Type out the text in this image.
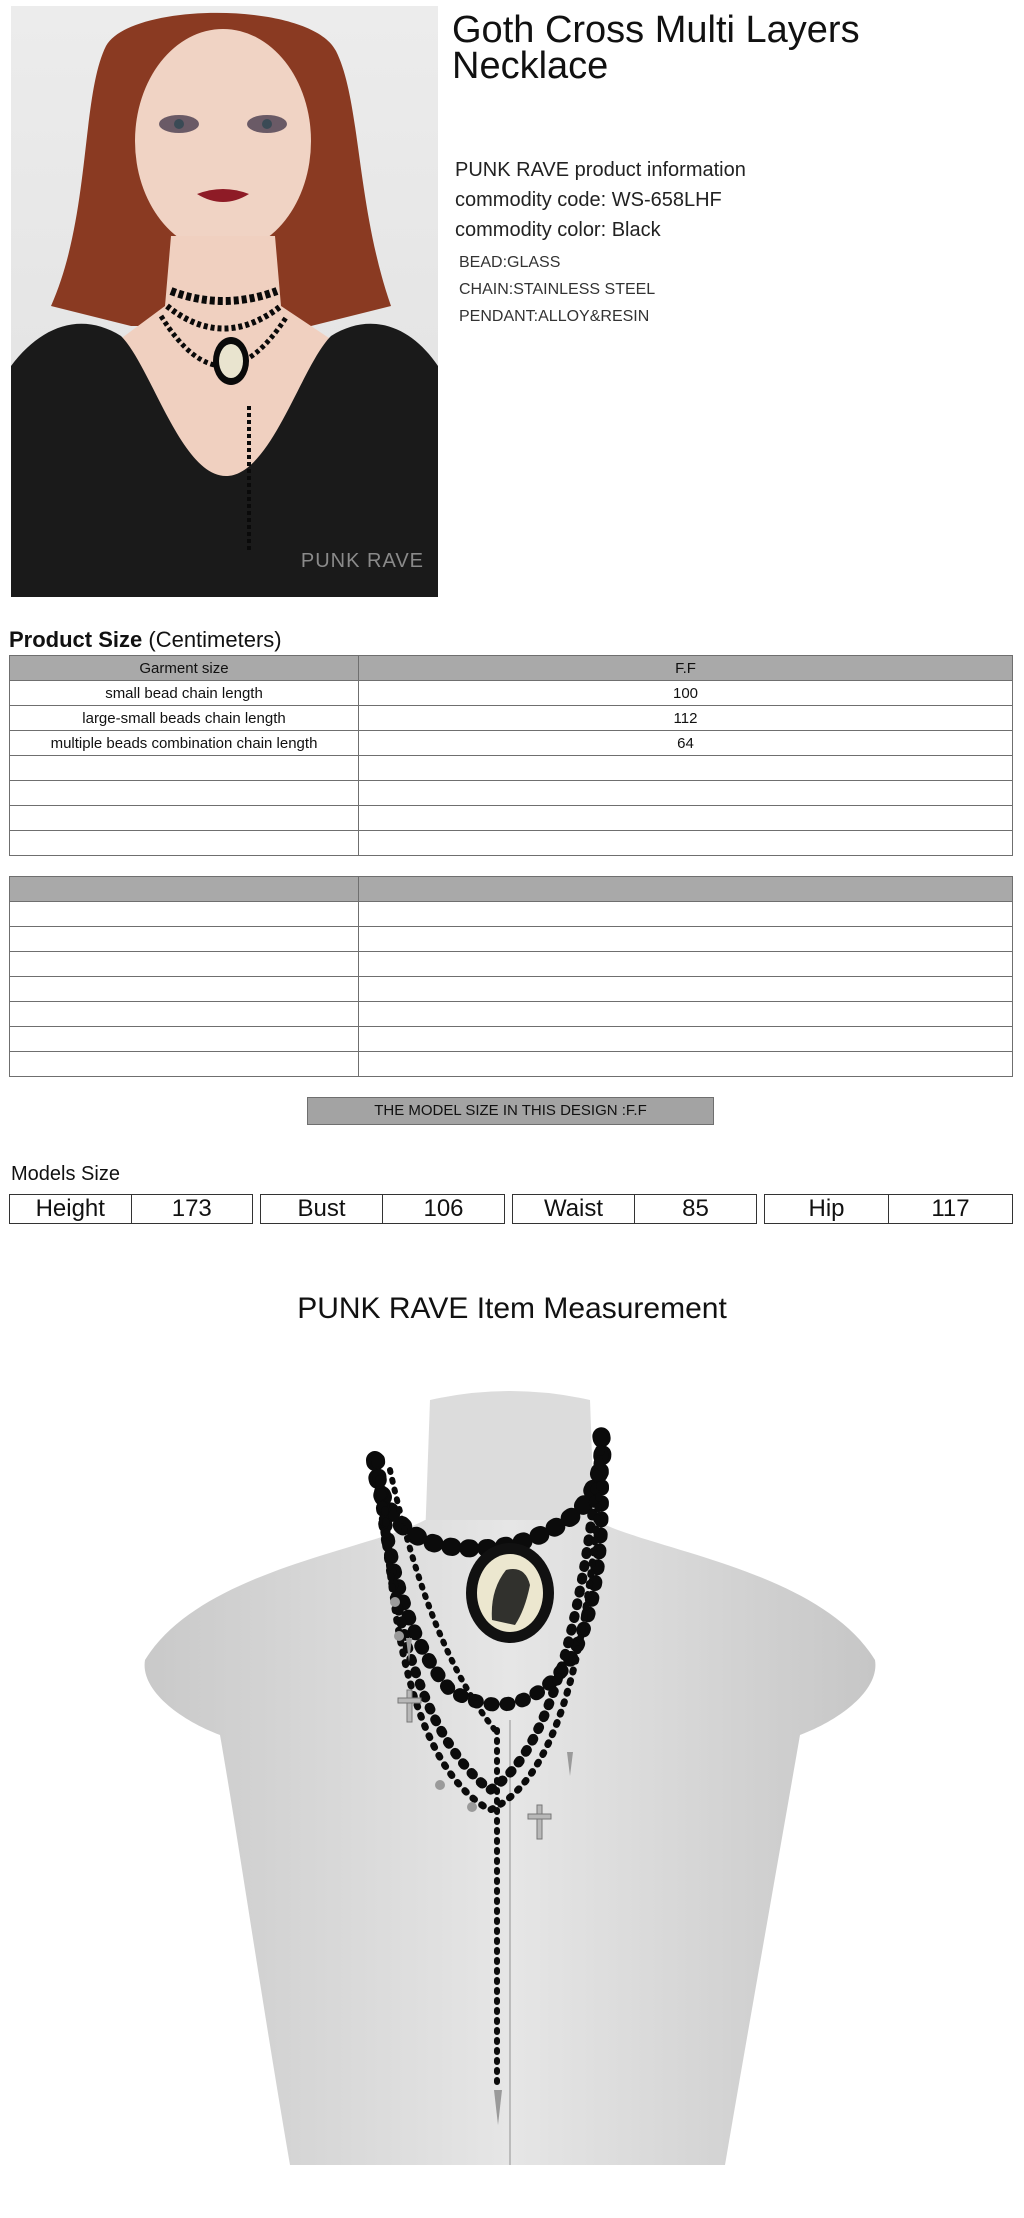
PUNK RAVE
Goth Cross Multi Layers Necklace
PUNK RAVE product information
commodity code: WS-658LHF
commodity color: Black
BEAD:GLASS
CHAIN:STAINLESS STEEL
PENDANT:ALLOY&RESIN
Product Size (Centimeters)
Garment size	F.F
small bead chain length	100
large-small beads chain length	112
multiple beads combination chain length	64

THE MODEL SIZE IN THIS DESIGN :F.F
Models Size
Height	173	Bust	106	Waist	85	Hip	117
PUNK RAVE Item Measurement
